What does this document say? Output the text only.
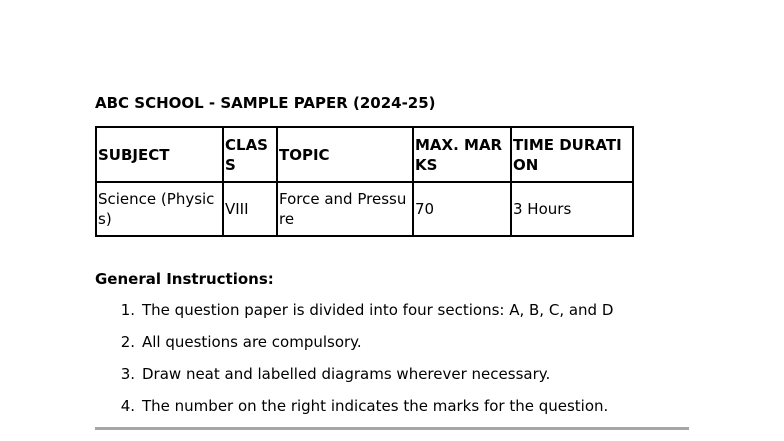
ABC SCHOOL - SAMPLE PAPER (2024-25)
SUBJECT	CLASS	TOPIC	MAX. MARKS	TIME DURATION
Science (Physics)	VIII	Force and Pressure	70	3 Hours
General Instructions:
1. The question paper is divided into four sections: A, B, C, and D
2. All questions are compulsory.
3. Draw neat and labelled diagrams wherever necessary.
4. The number on the right indicates the marks for the question.
